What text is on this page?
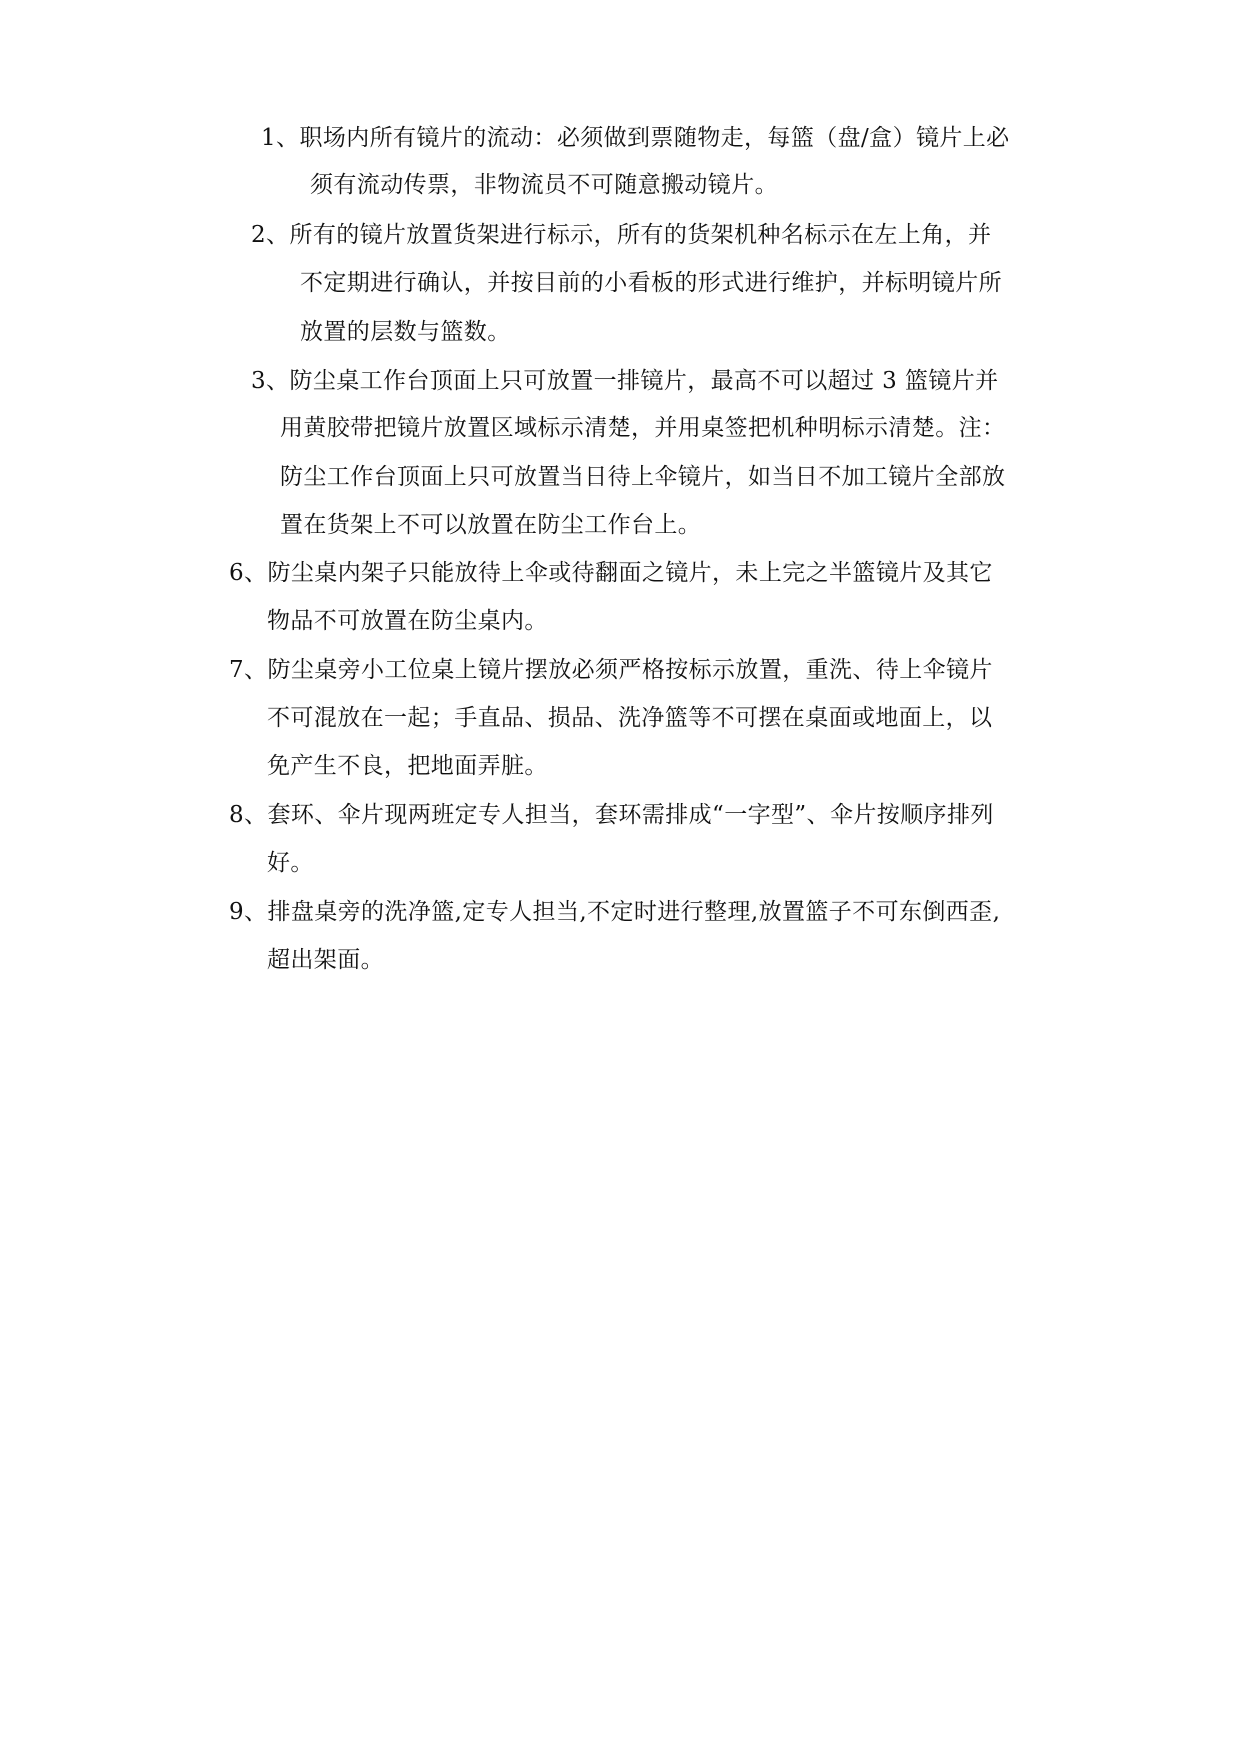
1、职场内所有镜片的流动：必须做到票随物走，每篮（盘/盒）镜片上必
须有流动传票，非物流员不可随意搬动镜片。
2、所有的镜片放置货架进行标示，所有的货架机种名标示在左上角，并
不定期进行确认，并按目前的小看板的形式进行维护，并标明镜片所
放置的层数与篮数。
3、防尘桌工作台顶面上只可放置一排镜片，最高不可以超过 3 篮镜片并
用黄胶带把镜片放置区域标示清楚，并用桌签把机种明标示清楚。注：
防尘工作台顶面上只可放置当日待上伞镜片，如当日不加工镜片全部放
置在货架上不可以放置在防尘工作台上。
6、防尘桌内架子只能放待上伞或待翻面之镜片，未上完之半篮镜片及其它
物品不可放置在防尘桌内。
7、防尘桌旁小工位桌上镜片摆放必须严格按标示放置，重洗、待上伞镜片
不可混放在一起；手直品、损品、洗净篮等不可摆在桌面或地面上，以
免产生不良，把地面弄脏。
8、套环、伞片现两班定专人担当，套环需排成“一字型”、伞片按顺序排列
好。
9、排盘桌旁的洗净篮,定专人担当,不定时进行整理,放置篮子不可东倒西歪,
超出架面。
